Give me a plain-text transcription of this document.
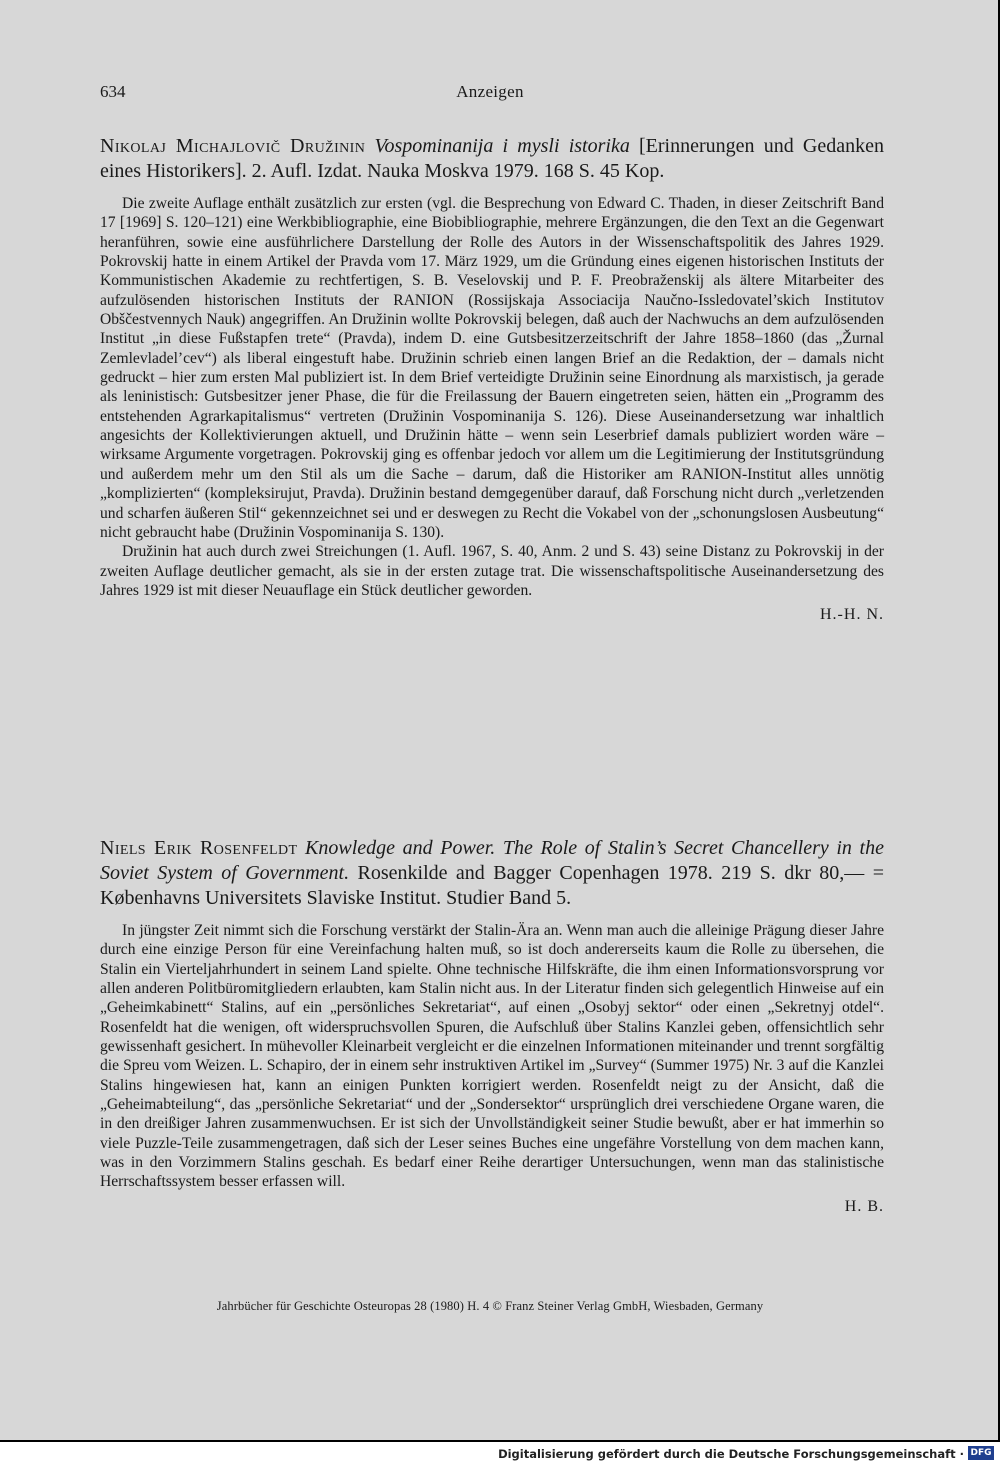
634	Anzeigen
Nikolaj Michajlovič Družinin Vospominanija i mysli istorika [Erinnerungen und Gedanken eines Historikers]. 2. Aufl. Izdat. Nauka Moskva 1979. 168 S. 45 Kop.

Die zweite Auflage enthält zusätzlich zur ersten (vgl. die Besprechung von Edward C. Thaden, in dieser Zeitschrift Band 17 [1969] S. 120–121) eine Werkbibliographie, eine Biobibliographie, mehrere Ergänzungen, die den Text an die Gegenwart heranführen, sowie eine ausführlichere Darstellung der Rolle des Autors in der Wissenschaftspolitik des Jahres 1929. Pokrovskij hatte in einem Artikel der Pravda vom 17. März 1929, um die Gründung eines eigenen historischen Instituts der Kommunistischen Akademie zu rechtfertigen, S. B. Veselovskij und P. F. Preobraženskij als ältere Mitarbeiter des aufzulösenden historischen Instituts der RANION (Rossijskaja Associacija Naučno-Issledovatel’skich Institutov Obščestvennych Nauk) angegriffen. An Družinin wollte Pokrovskij belegen, daß auch der Nachwuchs an dem aufzulösenden Institut „in diese Fußstapfen trete“ (Pravda), indem D. eine Gutsbesitzerzeitschrift der Jahre 1858–1860 (das „Žurnal Zemlevladel’cev“) als liberal eingestuft habe. Družinin schrieb einen langen Brief an die Redaktion, der – damals nicht gedruckt – hier zum ersten Mal publiziert ist. In dem Brief verteidigte Družinin seine Einordnung als marxistisch, ja gerade als leninistisch: Gutsbesitzer jener Phase, die für die Freilassung der Bauern eingetreten seien, hätten ein „Programm des entstehenden Agrarkapitalismus“ vertreten (Družinin Vospominanija S. 126). Diese Auseinandersetzung war inhaltlich angesichts der Kollektivierungen aktuell, und Družinin hätte – wenn sein Leserbrief damals publiziert worden wäre – wirksame Argumente vorgetragen. Pokrovskij ging es offenbar jedoch vor allem um die Legitimierung der Institutsgründung und außerdem mehr um den Stil als um die Sache – darum, daß die Historiker am RANION-Institut alles unnötig „komplizierten“ (kompleksirujut, Pravda). Družinin bestand demgegenüber darauf, daß Forschung nicht durch „verletzenden und scharfen äußeren Stil“ gekennzeichnet sei und er deswegen zu Recht die Vokabel von der „schonungslosen Ausbeutung“ nicht gebraucht habe (Družinin Vospominanija S. 130).

Družinin hat auch durch zwei Streichungen (1. Aufl. 1967, S. 40, Anm. 2 und S. 43) seine Distanz zu Pokrovskij in der zweiten Auflage deutlicher gemacht, als sie in der ersten zutage trat. Die wissenschaftspolitische Auseinandersetzung des Jahres 1929 ist mit dieser Neuauflage ein Stück deutlicher geworden.

H.-H. N.
Niels Erik Rosenfeldt Knowledge and Power. The Role of Stalin’s Secret Chancellery in the Soviet System of Government. Rosenkilde and Bagger Copenhagen 1978. 219 S. dkr 80,— = Københavns Universitets Slaviske Institut. Studier Band 5.

In jüngster Zeit nimmt sich die Forschung verstärkt der Stalin-Ära an. Wenn man auch die alleinige Prägung dieser Jahre durch eine einzige Person für eine Vereinfachung halten muß, so ist doch andererseits kaum die Rolle zu übersehen, die Stalin ein Vierteljahrhundert in seinem Land spielte. Ohne technische Hilfskräfte, die ihm einen Informationsvorsprung vor allen anderen Politbüromitgliedern erlaubten, kam Stalin nicht aus. In der Literatur finden sich gelegentlich Hinweise auf ein „Geheimkabinett“ Stalins, auf ein „persönliches Sekretariat“, auf einen „Osobyj sektor“ oder einen „Sekretnyj otdel“. Rosenfeldt hat die wenigen, oft widerspruchsvollen Spuren, die Aufschluß über Stalins Kanzlei geben, offensichtlich sehr gewissenhaft gesichert. In mühevoller Kleinarbeit vergleicht er die einzelnen Informationen miteinander und trennt sorgfältig die Spreu vom Weizen. L. Schapiro, der in einem sehr instruktiven Artikel im „Survey“ (Summer 1975) Nr. 3 auf die Kanzlei Stalins hingewiesen hat, kann an einigen Punkten korrigiert werden. Rosenfeldt neigt zu der Ansicht, daß die „Geheimabteilung“, das „persönliche Sekretariat“ und der „Sondersektor“ ursprünglich drei verschiedene Organe waren, die in den dreißiger Jahren zusammenwuchsen. Er ist sich der Unvollständigkeit seiner Studie bewußt, aber er hat immerhin so viele Puzzle-Teile zusammengetragen, daß sich der Leser seines Buches eine ungefähre Vorstellung von dem machen kann, was in den Vorzimmern Stalins geschah. Es bedarf einer Reihe derartiger Untersuchungen, wenn man das stalinistische Herrschaftssystem besser erfassen will.

H. B.
Jahrbücher für Geschichte Osteuropas 28 (1980) H. 4 © Franz Steiner Verlag GmbH, Wiesbaden, Germany
Digitalisierung gefördert durch die Deutsche Forschungsgemeinschaft · DFG
